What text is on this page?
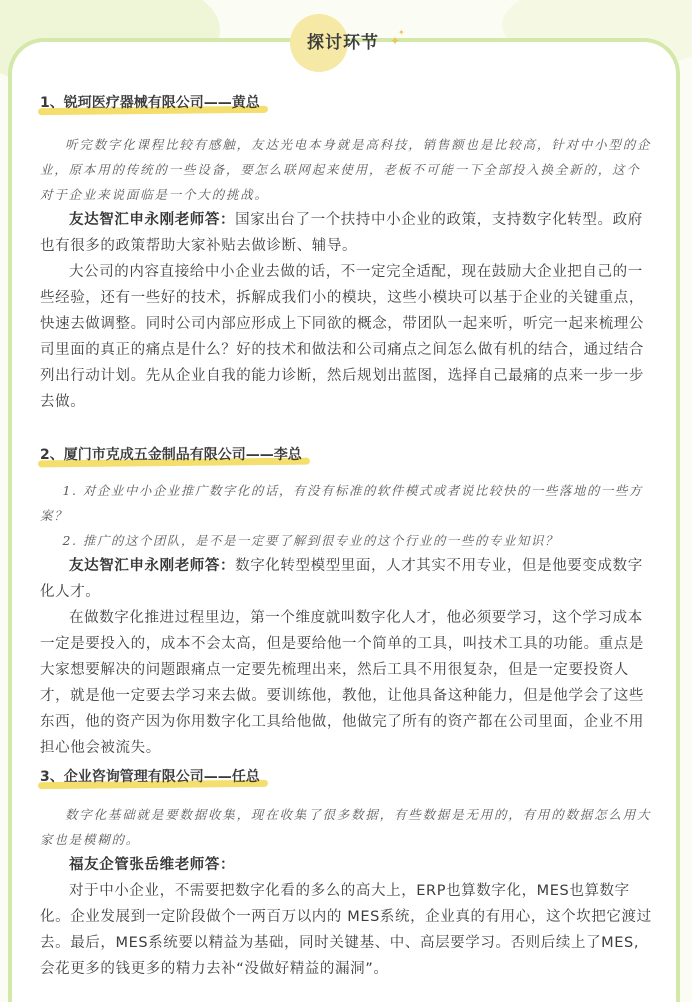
探讨环节 ✦
✦
1、锐珂医疗器械有限公司——黄总

听完数字化课程比较有感触，友达光电本身就是高科技，销售额也是比较高，针对中小型的企业，原本用的传统的一些设备，要怎么联网起来使用，老板不可能一下全部投入换全新的，这个对于企业来说面临是一个大的挑战。

友达智汇申永刚老师答：国家出台了一个扶持中小企业的政策，支持数字化转型。政府也有很多的政策帮助大家补贴去做诊断、辅导。

大公司的内容直接给中小企业去做的话，不一定完全适配，现在鼓励大企业把自己的一些经验，还有一些好的技术，拆解成我们小的模块，这些小模块可以基于企业的关键重点，快速去做调整。同时公司内部应形成上下同欲的概念，带团队一起来听，听完一起来梳理公司里面的真正的痛点是什么？好的技术和做法和公司痛点之间怎么做有机的结合，通过结合列出行动计划。先从企业自我的能力诊断，然后规划出蓝图，选择自己最痛的点来一步一步去做。

2、厦门市克成五金制品有限公司——李总

1. 对企业中小企业推广数字化的话，有没有标准的软件模式或者说比较快的一些落地的一些方案？

2. 推广的这个团队，是不是一定要了解到很专业的这个行业的一些的专业知识？

友达智汇申永刚老师答：数字化转型模型里面，人才其实不用专业，但是他要变成数字化人才。

在做数字化推进过程里边，第一个维度就叫数字化人才，他必须要学习，这个学习成本一定是要投入的，成本不会太高，但是要给他一个简单的工具，叫技术工具的功能。重点是大家想要解决的问题跟痛点一定要先梳理出来，然后工具不用很复杂，但是一定要投资人才，就是他一定要去学习来去做。要训练他，教他，让他具备这种能力，但是他学会了这些东西，他的资产因为你用数字化工具给他做，他做完了所有的资产都在公司里面，企业不用担心他会被流失。

3、企业咨询管理有限公司——任总

数字化基础就是要数据收集，现在收集了很多数据，有些数据是无用的，有用的数据怎么用大家也是模糊的。

福友企管张岳维老师答：

对于中小企业，不需要把数字化看的多么的高大上，ERP也算数字化，MES也算数字化。企业发展到一定阶段做个一两百万以内的 MES系统，企业真的有用心，这个坎把它渡过去。最后，MES系统要以精益为基础，同时关键基、中、高层要学习。否则后续上了MES,会花更多的钱更多的精力去补“没做好精益的漏洞”。
